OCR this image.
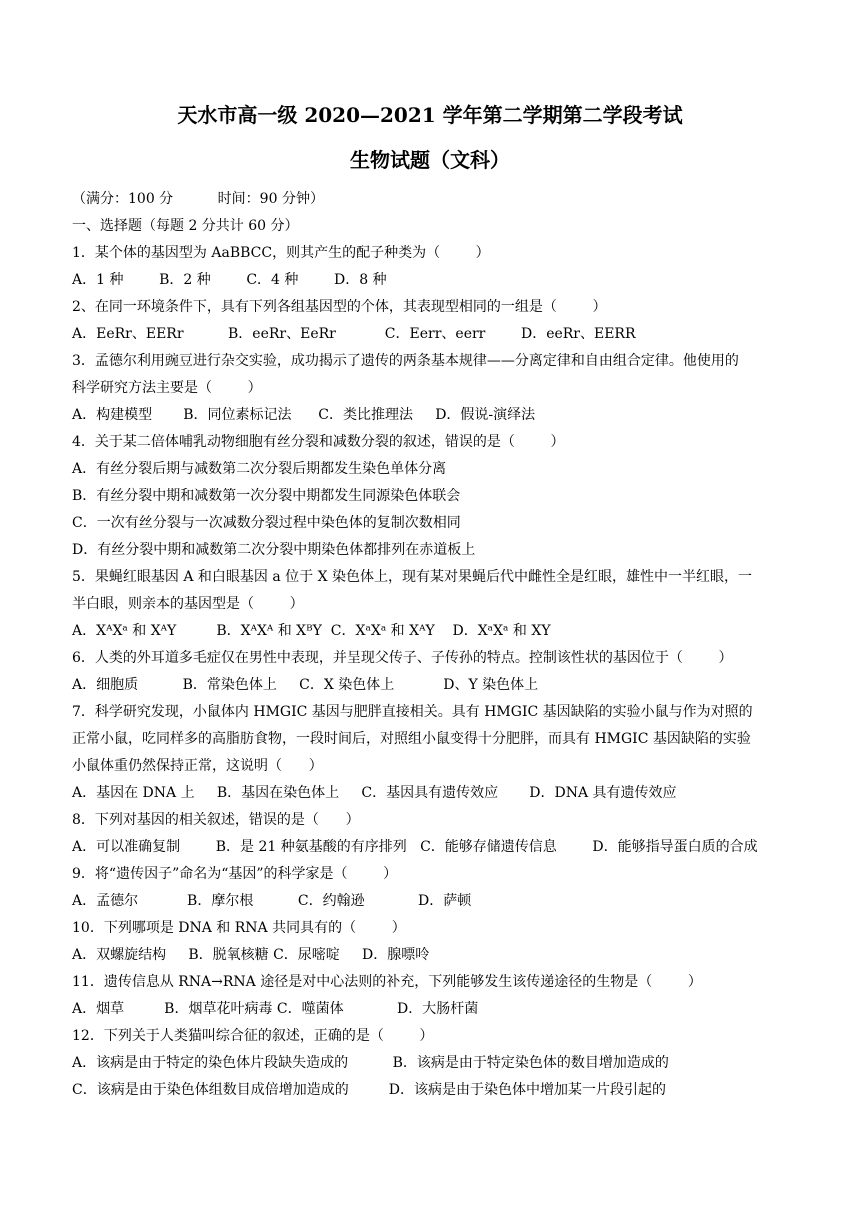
天水市高一级 2020—2021 学年第二学期第二学段考试
生物试题（文科）
（满分：100 分          时间：90 分钟）
一、选择题（每题 2 分共计 60 分）
1．某个体的基因型为 AaBBCC，则其产生的配子种类为（        ）
A．1 种        B．2 种        C．4 种        D．8 种
2、在同一环境条件下，具有下列各组基因型的个体，其表现型相同的一组是（        ）
A．EeRr、EERr          B．eeRr、EeRr           C．Eerr、eerr        D．eeRr、EERR
3．孟德尔利用豌豆进行杂交实验，成功揭示了遗传的两条基本规律——分离定律和自由组合定律。他使用的
科学研究方法主要是（        ）
A．构建模型       B．同位素标记法      C．类比推理法     D．假说-演绎法
4．关于某二倍体哺乳动物细胞有丝分裂和减数分裂的叙述，错误的是（        ）
A．有丝分裂后期与减数第二次分裂后期都发生染色单体分离
B．有丝分裂中期和减数第一次分裂中期都发生同源染色体联会
C．一次有丝分裂与一次减数分裂过程中染色体的复制次数相同
D．有丝分裂中期和减数第二次分裂中期染色体都排列在赤道板上
5．果蝇红眼基因 A 和白眼基因 a 位于 X 染色体上，现有某对果蝇后代中雌性全是红眼，雄性中一半红眼，一
半白眼，则亲本的基因型是（        ）
A．XᴬXᵃ 和 XᴬY         B．XᴬXᴬ 和 XᴮY  C．XᵃXᵃ 和 XᴬY    D．XᵃXᵃ 和 XY
6．人类的外耳道多毛症仅在男性中表现，并呈现父传子、子传孙的特点。控制该性状的基因位于（        ）
A．细胞质          B．常染色体上     C．X 染色体上           D、Y 染色体上
7．科学研究发现，小鼠体内 HMGIC 基因与肥胖直接相关。具有 HMGIC 基因缺陷的实验小鼠与作为对照的
正常小鼠，吃同样多的高脂肪食物，一段时间后，对照组小鼠变得十分肥胖，而具有 HMGIC 基因缺陷的实验
小鼠体重仍然保持正常，这说明（      ）
A．基因在 DNA 上     B．基因在染色体上     C．基因具有遗传效应       D．DNA 具有遗传效应
8．下列对基因的相关叙述，错误的是（      ）
A．可以准确复制        B．是 21 种氨基酸的有序排列   C．能够存储遗传信息        D．能够指导蛋白质的合成
9．将“遗传因子”命名为“基因”的科学家是（        ）
A．孟德尔           B．摩尔根          C．约翰逊            D．萨顿
10．下列哪项是 DNA 和 RNA 共同具有的（        ）
A．双螺旋结构     B．脱氧核糖 C．尿嘧啶     D．腺嘌呤
11．遗传信息从 RNA→RNA 途径是对中心法则的补充，下列能够发生该传递途径的生物是（        ）
A．烟草         B．烟草花叶病毒 C．噬菌体            D．大肠杆菌
12．下列关于人类猫叫综合征的叙述，正确的是（        ）
A．该病是由于特定的染色体片段缺失造成的          B．该病是由于特定染色体的数目增加造成的
C．该病是由于染色体组数目成倍增加造成的         D．该病是由于染色体中增加某一片段引起的
